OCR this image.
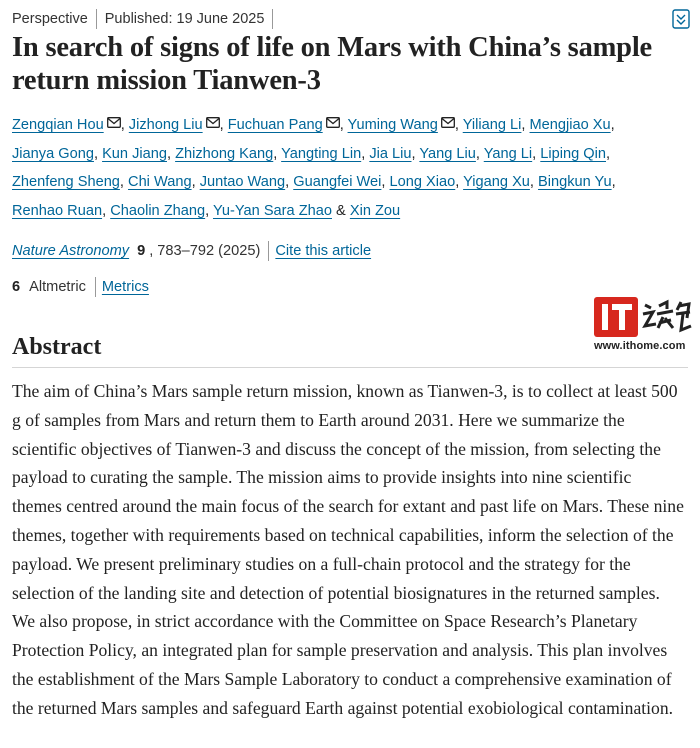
Perspective Published: 19 June 2025
In search of signs of life on Mars with China’s sample return mission Tianwen-3
Zengqian Hou , Jizhong Liu , Fuchuan Pang , Yuming Wang , Yiliang Li, Mengjiao Xu, Jianya Gong, Kun Jiang, Zhizhong Kang, Yangting Lin, Jia Liu, Yang Liu, Yang Li, Liping Qin, Zhenfeng Sheng, Chi Wang, Juntao Wang, Guangfei Wei, Long Xiao, Yigang Xu, Bingkun Yu, Renhao Ruan, Chaolin Zhang, Yu-Yan Sara Zhao & Xin Zou
Nature Astronomy 9 , 783–792 (2025) Cite this article
6 Altmetric Metrics
www.ithome.com
Abstract

The aim of China’s Mars sample return mission, known as Tianwen-3, is to collect at least 500 g of samples from Mars and return them to Earth around 2031. Here we summarize the scientific objectives of Tianwen-3 and discuss the concept of the mission, from selecting the payload to curating the sample. The mission aims to provide insights into nine scientific themes centred around the main focus of the search for extant and past life on Mars. These nine themes, together with requirements based on technical capabilities, inform the selection of the payload. We present preliminary studies on a full-chain protocol and the strategy for the selection of the landing site and detection of potential biosignatures in the returned samples. We also propose, in strict accordance with the Committee on Space Research’s Planetary Protection Policy, an integrated plan for sample preservation and analysis. This plan involves the establishment of the Mars Sample Laboratory to conduct a comprehensive examination of the returned Mars samples and safeguard Earth against potential exobiological contamination.
